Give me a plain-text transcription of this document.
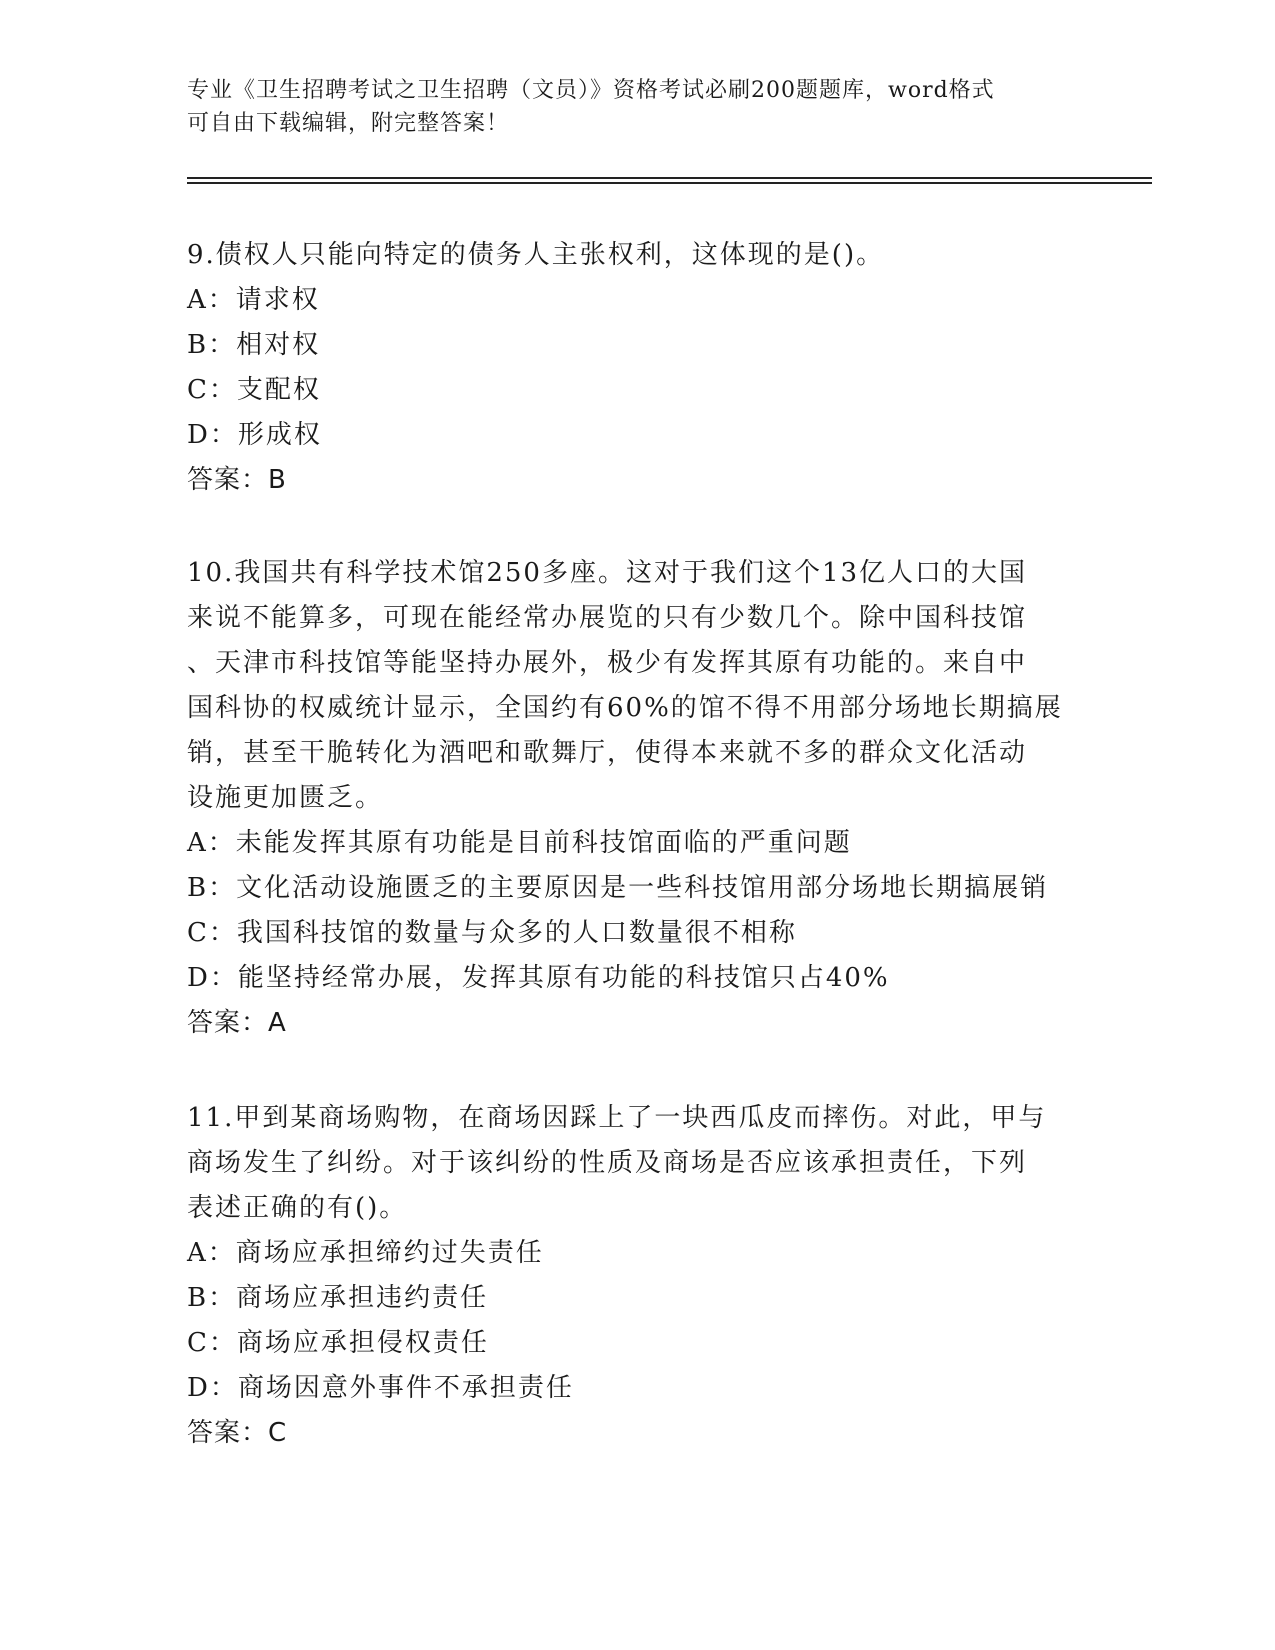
专业《卫生招聘考试之卫生招聘（文员）》资格考试必刷200题题库，word格式
可自由下载编辑，附完整答案！

9.债权人只能向特定的债务人主张权利，这体现的是()。

A：请求权

B：相对权

C：支配权

D：形成权

答案：B

10.我国共有科学技术馆250多座。这对于我们这个13亿人口的大国

来说不能算多，可现在能经常办展览的只有少数几个。除中国科技馆

、天津市科技馆等能坚持办展外，极少有发挥其原有功能的。来自中

国科协的权威统计显示，全国约有60%的馆不得不用部分场地长期搞展

销，甚至干脆转化为酒吧和歌舞厅，使得本来就不多的群众文化活动

设施更加匮乏。

A：未能发挥其原有功能是目前科技馆面临的严重问题

B：文化活动设施匮乏的主要原因是一些科技馆用部分场地长期搞展销

C：我国科技馆的数量与众多的人口数量很不相称

D：能坚持经常办展，发挥其原有功能的科技馆只占40%

答案：A

11.甲到某商场购物，在商场因踩上了一块西瓜皮而摔伤。对此，甲与

商场发生了纠纷。对于该纠纷的性质及商场是否应该承担责任，下列

表述正确的有()。

A：商场应承担缔约过失责任

B：商场应承担违约责任

C：商场应承担侵权责任

D：商场因意外事件不承担责任

答案：C
